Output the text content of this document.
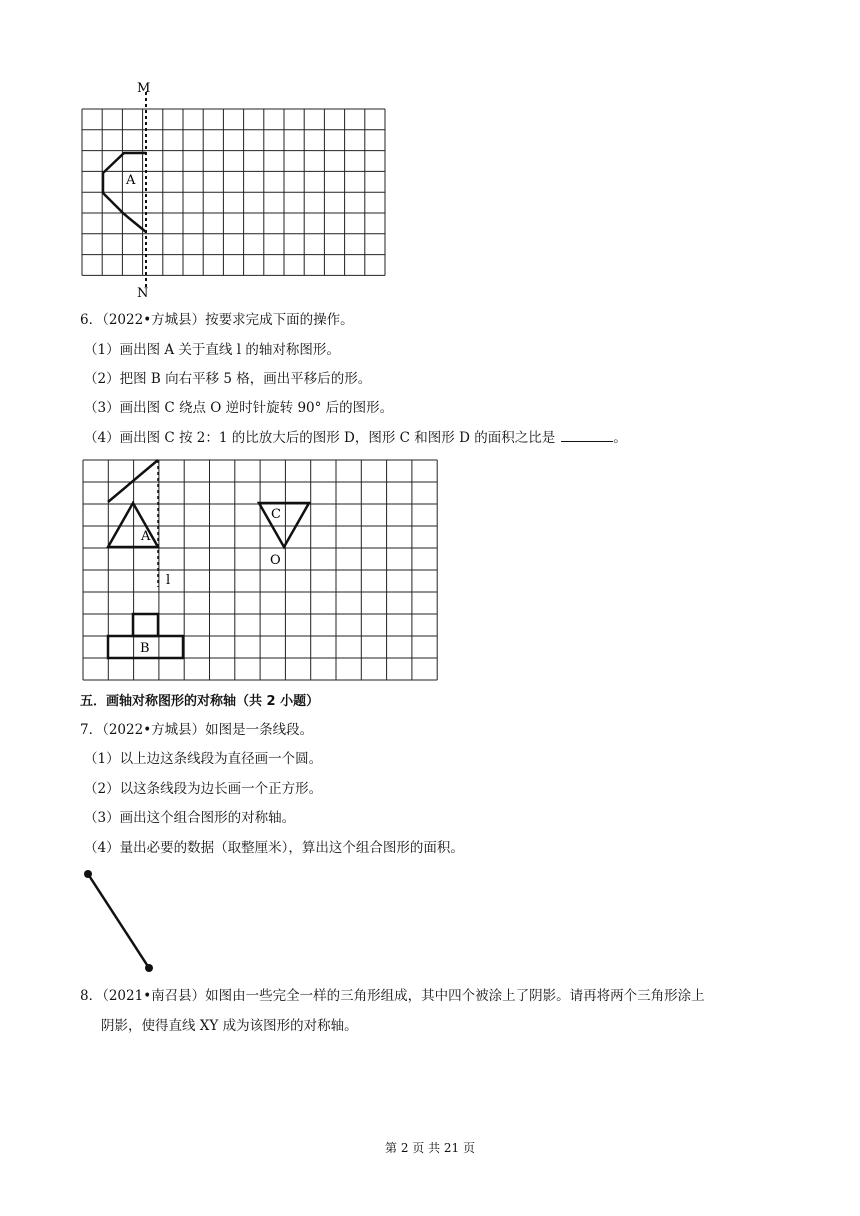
M
N
A
6．（2022•方城县）按要求完成下面的操作。
（1）画出图 A 关于直线 l 的轴对称图形。
（2）把图 B 向右平移 5 格，画出平移后的形。
（3）画出图 C 绕点 O 逆时针旋转 90° 后的图形。
（4）画出图 C 按 2：1 的比放大后的图形 D，图形 C 和图形 D 的面积之比是	。
A
C
O
l
B
五．画轴对称图形的对称轴（共 2 小题）
7．（2022•方城县）如图是一条线段。
（1）以上边这条线段为直径画一个圆。
（2）以这条线段为边长画一个正方形。
（3）画出这个组合图形的对称轴。
（4）量出必要的数据（取整厘米），算出这个组合图形的面积。
8．（2021•南召县）如图由一些完全一样的三角形组成，其中四个被涂上了阴影。请再将两个三角形涂上
阴影，使得直线 XY 成为该图形的对称轴。
第 2 页 共 21 页
